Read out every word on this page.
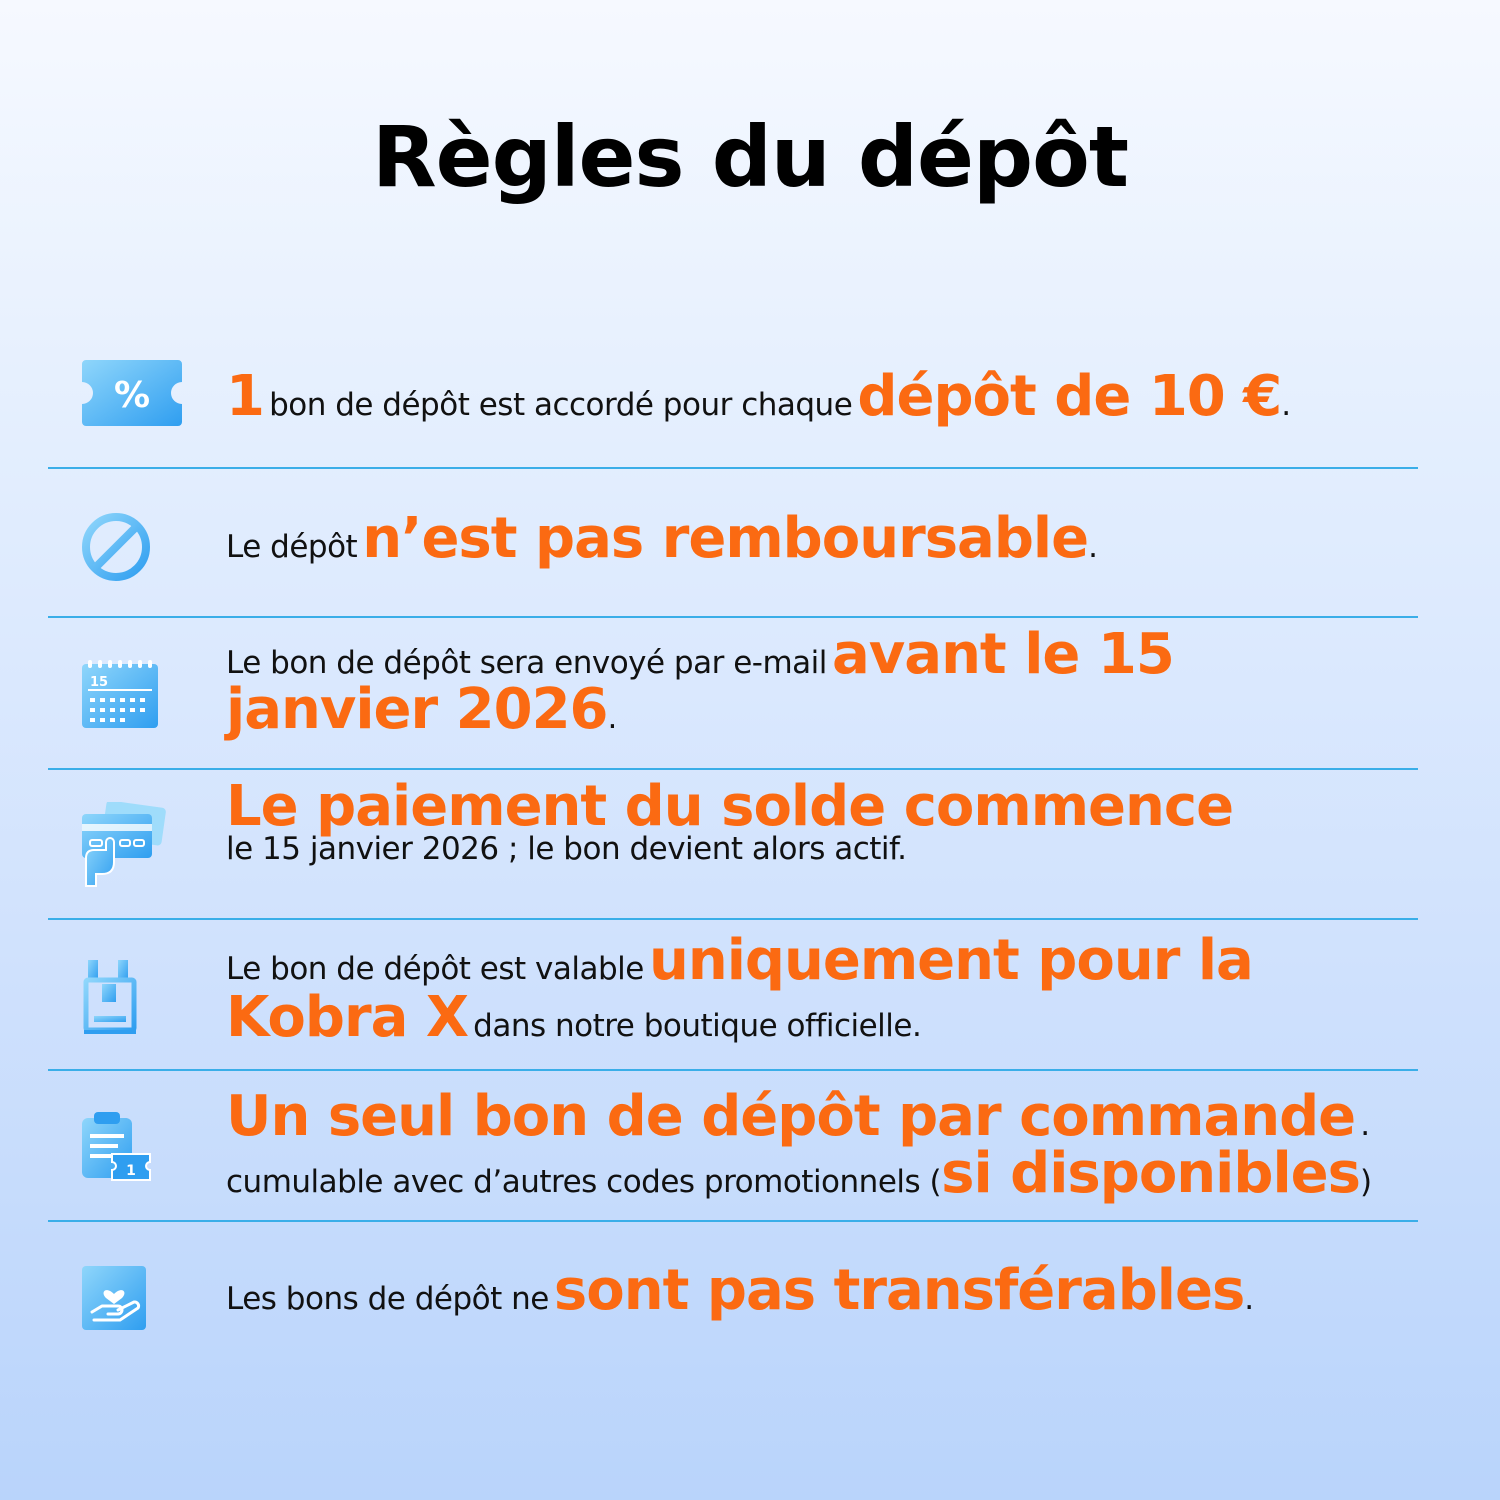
Règles du dépôt
% 1 bon de dépôt est accordé pour chaque dépôt de 10 €.
Le dépôt n’est pas remboursable.
15
Le bon de dépôt sera envoyé par e-mail avant le 15
janvier 2026.
Le paiement du solde commence
le 15 janvier 2026 ; le bon devient alors actif.
Le bon de dépôt est valable uniquement pour la
Kobra X dans notre boutique officielle.
1
Un seul bon de dépôt par commande .
cumulable avec d’autres codes promotionnels (si disponibles)
Les bons de dépôt ne sont pas transférables.
